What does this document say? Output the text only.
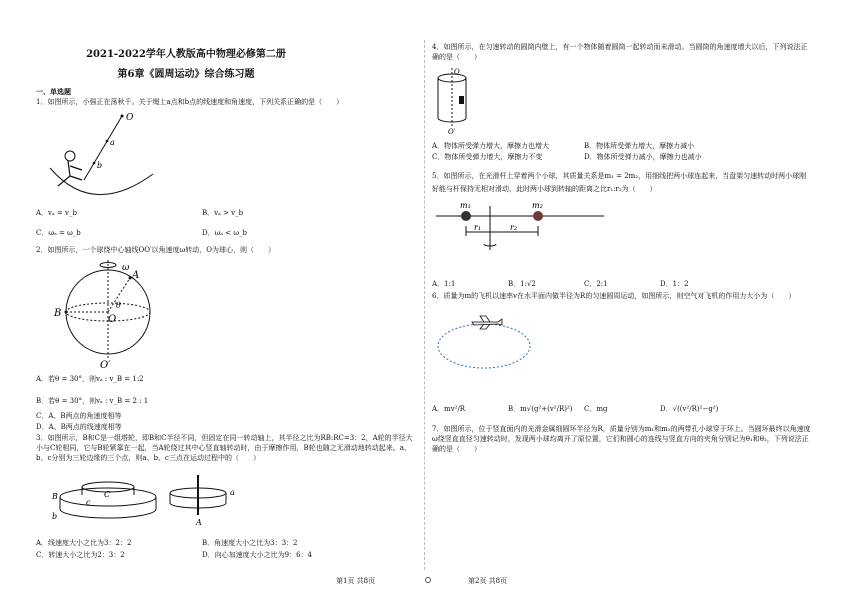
2021-2022学年人教版高中物理必修第二册
第6章《圆周运动》综合练习题
一、单选题
1．如图所示，小强正在荡秋千。关于绳上a点和b点的线速度和角速度，下列关系正确的是（　　）
O
a
b
A．vₐ = v_b	B．vₐ > v_b
C．ωₐ = ω_b	D．ωₐ < ω_b
2．如图所示，一个球绕中心轴线OO′以角速度ω转动，O为球心，则（　　）
ω
A
B
θ
O
O′
A．若θ = 30°，则vₐ : v_B = 1:2
B．若θ = 30°，则vₐ : v_B = 2 : 1
C．A、B两点的角速度相等
D．A、B两点的线速度相等
3．如图所示，B和C是一组塔轮，即B和C半径不同，但固定在同一转动轴上，其半径之比为RB:RC=3：2，A轮的半径大小与C轮相同，它与B轮紧靠在一起，当A轮绕过其中心竖直轴转动时，由于摩擦作用，B轮也随之无滑动地转动起来。a、b、c分别为三轮边缘的三个点，则a、b、c三点在运动过程中的（　　）
B	C
A
a
b
c
A．线速度大小之比为3：2：2	B．角速度大小之比为3：3：2
C．转速大小之比为2：3：2	D．向心加速度大小之比为9：6：4
4．如图所示，在匀速转动的圆筒内壁上，有一个物体随着圆筒一起转动而未滑动。当圆筒的角速度增大以后，下列说法正确的是（　　）
O
O′
A．物体所受弹力增大，摩擦力也增大	B．物体所受弹力增大，摩擦力减小
C．物体所受弹力增大，摩擦力不变	D．物体所受弹力减小，摩擦力也减小
5．如图所示，在光滑杆上穿着两个小球，其质量关系是m₁ = 2m₂，用细线把两小球连起来，当盘架匀速转动时两小球刚好能与杆保持无相对滑动，此时两小球到转轴的距离之比r₁:r₂为（　　）
m₁	m₂
r₁	r₂
A．1:1	B．1:√2	C．2:1	D．1：2
6．质量为m的飞机以速率v在水平面内做半径为R的匀速圆周运动，如图所示，则空气对飞机的作用力大小为（　　）
A．mv²/R	B．m√(g²+(v²/R)²) C．mg	D．√((v²/R)²−g²)
7．如图所示，位于竖直面内的光滑金属细圆环半径为R，质量分别为m₁和m₂的两带孔小球穿于环上。当圆环最终以角速度ω绕竖直直径匀速转动时，发现两小球均离开了原位置，它们和圆心的连线与竖直方向的夹角分别记为θ₁和θ₂，下列说法正确的是（　　）
第1页 共8页	第2页 共8页
